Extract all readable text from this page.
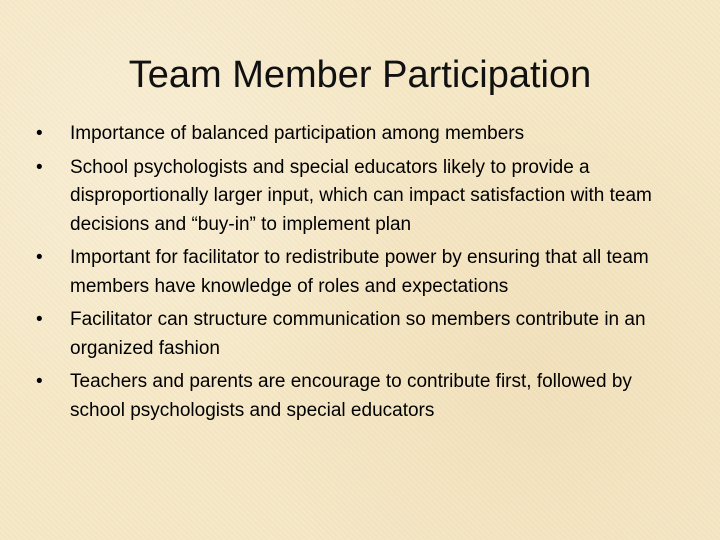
Team Member Participation
•	Importance of balanced participation among members
•	School psychologists and special educators likely to provide a disproportionally larger input, which can impact satisfaction with team decisions and “buy-in” to implement plan
•	Important for facilitator to redistribute power by ensuring that all team members have knowledge of roles and expectations
•	Facilitator can structure communication so members contribute in an organized fashion
•	Teachers and parents are encourage to contribute first, followed by school psychologists and special educators
